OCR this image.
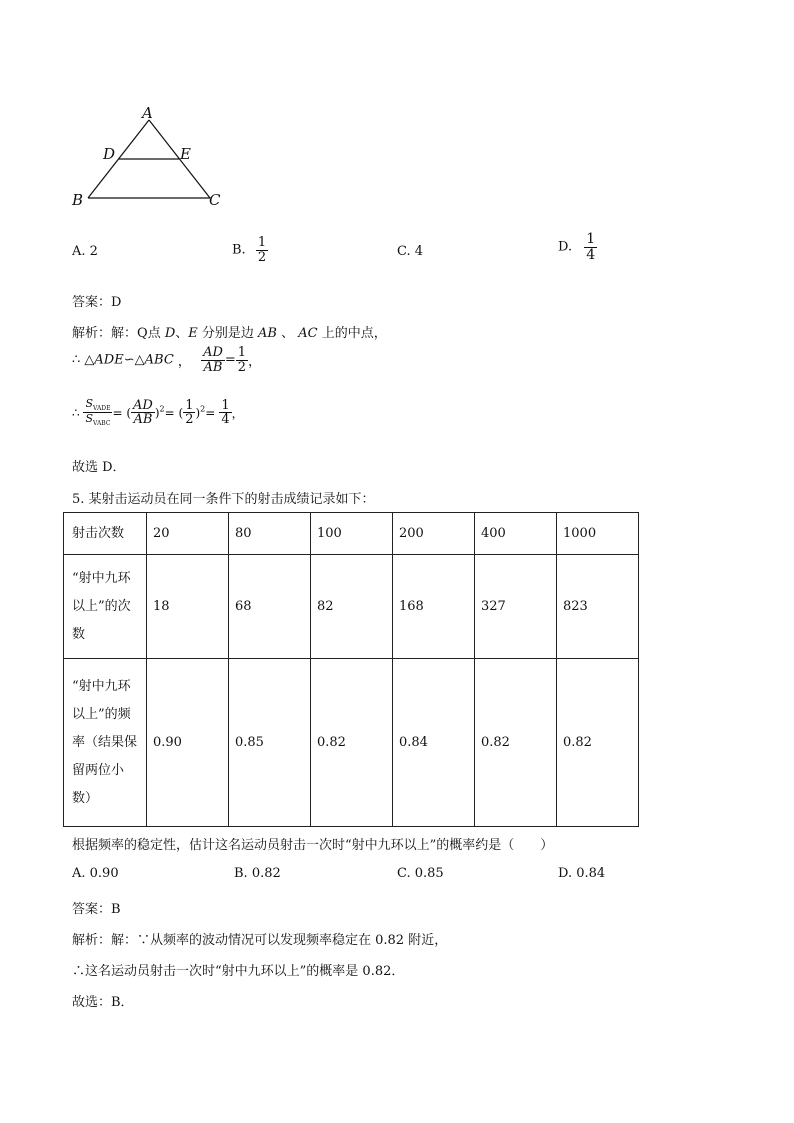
A
D	E
B	C
A. 2	B. $\frac{1}{2}$	C. 4	D. $\frac{1}{4}$
答案：D
解析：解：Q点 D、E 分别是边 AB 、 AC 上的中点，
∴ △ADE∽△ABC ， $\frac{AD}{AB} = \frac{1}{2}$ ，
∴ $\frac{S_{VADE}}{S_{VABC}}$ = ( $\frac{AD}{AB} )^2=$ ( $\frac{1}{2} )^2= \frac{1}{4}$ ，
故选 D．
5. 某射击运动员在同一条件下的射击成绩记录如下：
射击次数	20	80	100	200	400	1000

“射中九环
以上”的次
数	18	68	82	168	327	823

“射中九环
以上”的频
率（结果保
留两位小
数）	0.90	0.85	0.82	0.84	0.82	0.82
根据频率的稳定性，估计这名运动员射击一次时“射中九环以上”的概率约是（　　）
A. 0.90	B. 0.82	C. 0.85	D. 0.84
答案：B
解析：解：∵从频率的波动情况可以发现频率稳定在 0.82 附近，
∴这名运动员射击一次时“射中九环以上”的概率是 0.82．
故选：B．
